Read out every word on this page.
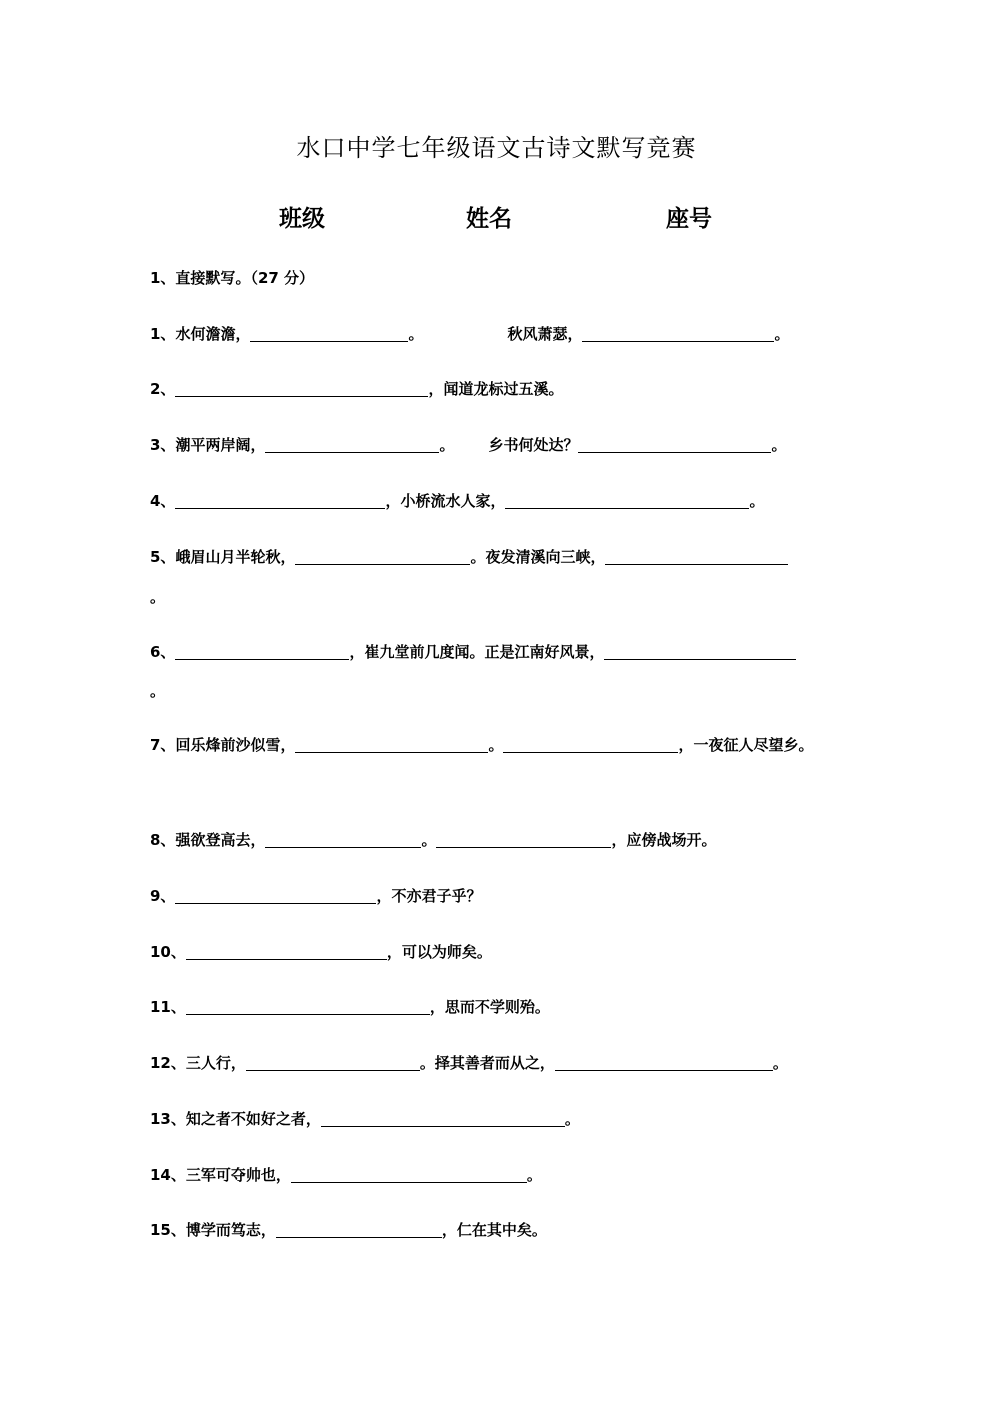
水口中学七年级语文古诗文默写竞赛
班级	姓名	座号
1、直接默写。（27 分）
1、水何澹澹，	。	秋风萧瑟，	。
2、	，闻道龙标过五溪。
3、潮平两岸阔，	。 乡书何处达？	。
4、	，小桥流水人家，	。
5、峨眉山月半轮秋，	。夜发清溪向三峡，
。
6、	，崔九堂前几度闻。正是江南好风景，
。
7、回乐烽前沙似雪，	。	，一夜征人尽望乡。
8、强欲登高去，	。	，应傍战场开。
9、	，不亦君子乎？
10、	，可以为师矣。
11、	，思而不学则殆。
12、三人行，	。择其善者而从之，	。
13、知之者不如好之者，	。
14、三军可夺帅也，	。
15、博学而笃志，	，仁在其中矣。
